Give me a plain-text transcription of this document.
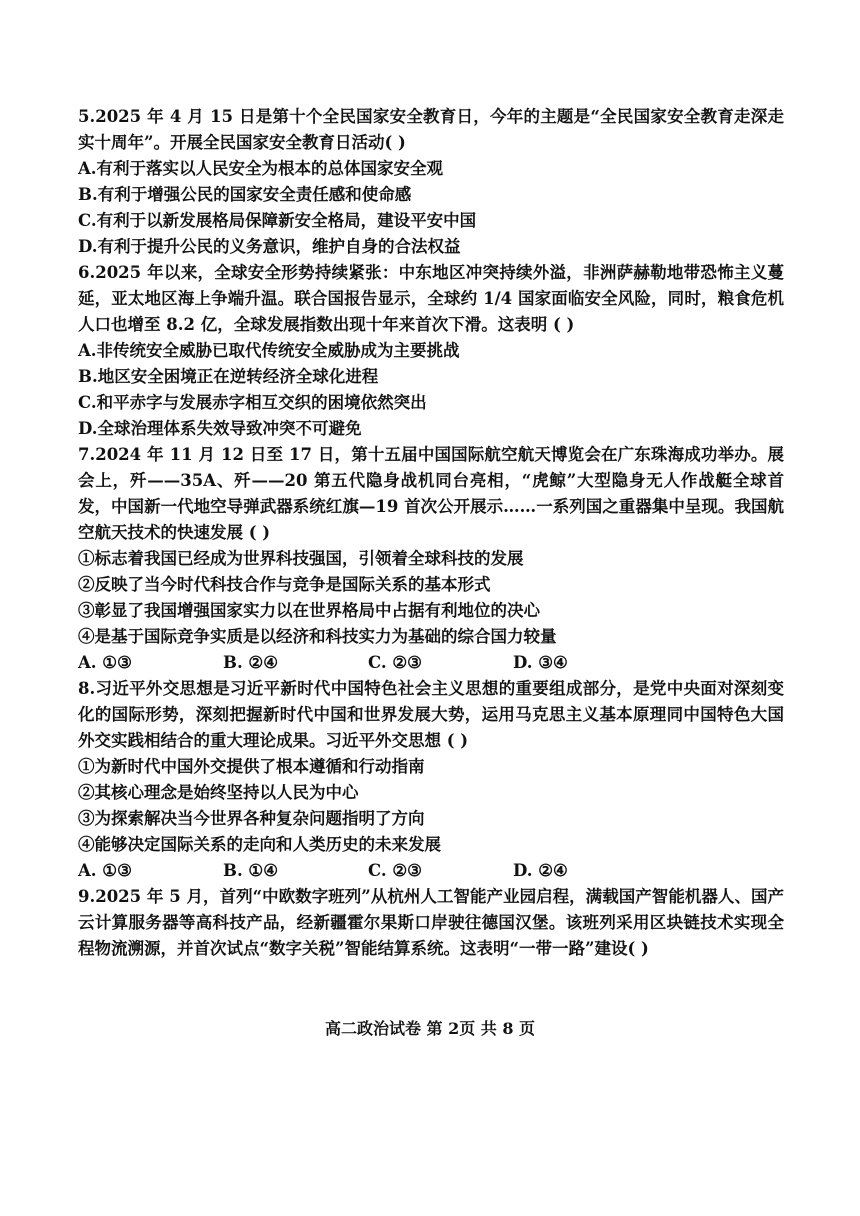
5.2025 年 4 月 15 日是第十个全民国家安全教育日，今年的主题是“全民国家安全教育走深走实十周年”。开展全民国家安全教育日活动( )

A.有利于落实以人民安全为根本的总体国家安全观

B.有利于增强公民的国家安全责任感和使命感

C.有利于以新发展格局保障新安全格局，建设平安中国

D.有利于提升公民的义务意识，维护自身的合法权益

6.2025 年以来，全球安全形势持续紧张：中东地区冲突持续外溢，非洲萨赫勒地带恐怖主义蔓延，亚太地区海上争端升温。联合国报告显示，全球约 1/4 国家面临安全风险，同时，粮食危机人口也增至 8.2 亿，全球发展指数出现十年来首次下滑。这表明 ( )

A.非传统安全威胁已取代传统安全威胁成为主要挑战

B.地区安全困境正在逆转经济全球化进程

C.和平赤字与发展赤字相互交织的困境依然突出

D.全球治理体系失效导致冲突不可避免

7.2024 年 11 月 12 日至 17 日，第十五届中国国际航空航天博览会在广东珠海成功举办。展会上，歼——35A、歼——20 第五代隐身战机同台亮相，“虎鲸”大型隐身无人作战艇全球首发，中国新一代地空导弹武器系统红旗—19 首次公开展示……一系列国之重器集中呈现。我国航空航天技术的快速发展 ( )

①标志着我国已经成为世界科技强国，引领着全球科技的发展

②反映了当今时代科技合作与竞争是国际关系的基本形式

③彰显了我国增强国家实力以在世界格局中占据有利地位的决心

④是基于国际竞争实质是以经济和科技实力为基础的综合国力较量

A. ①③	B. ②④	C. ②③	D. ③④

8.习近平外交思想是习近平新时代中国特色社会主义思想的重要组成部分，是党中央面对深刻变化的国际形势，深刻把握新时代中国和世界发展大势，运用马克思主义基本原理同中国特色大国外交实践相结合的重大理论成果。习近平外交思想 ( )

①为新时代中国外交提供了根本遵循和行动指南

②其核心理念是始终坚持以人民为中心

③为探索解决当今世界各种复杂问题指明了方向

④能够决定国际关系的走向和人类历史的未来发展

A. ①③	B. ①④	C. ②③	D. ②④

9.2025 年 5 月，首列“中欧数字班列”从杭州人工智能产业园启程，满载国产智能机器人、国产云计算服务器等高科技产品，经新疆霍尔果斯口岸驶往德国汉堡。该班列采用区块链技术实现全程物流溯源，并首次试点“数字关税”智能结算系统。这表明“一带一路”建设( )

高二政治试卷 第 2页 共 8 页
